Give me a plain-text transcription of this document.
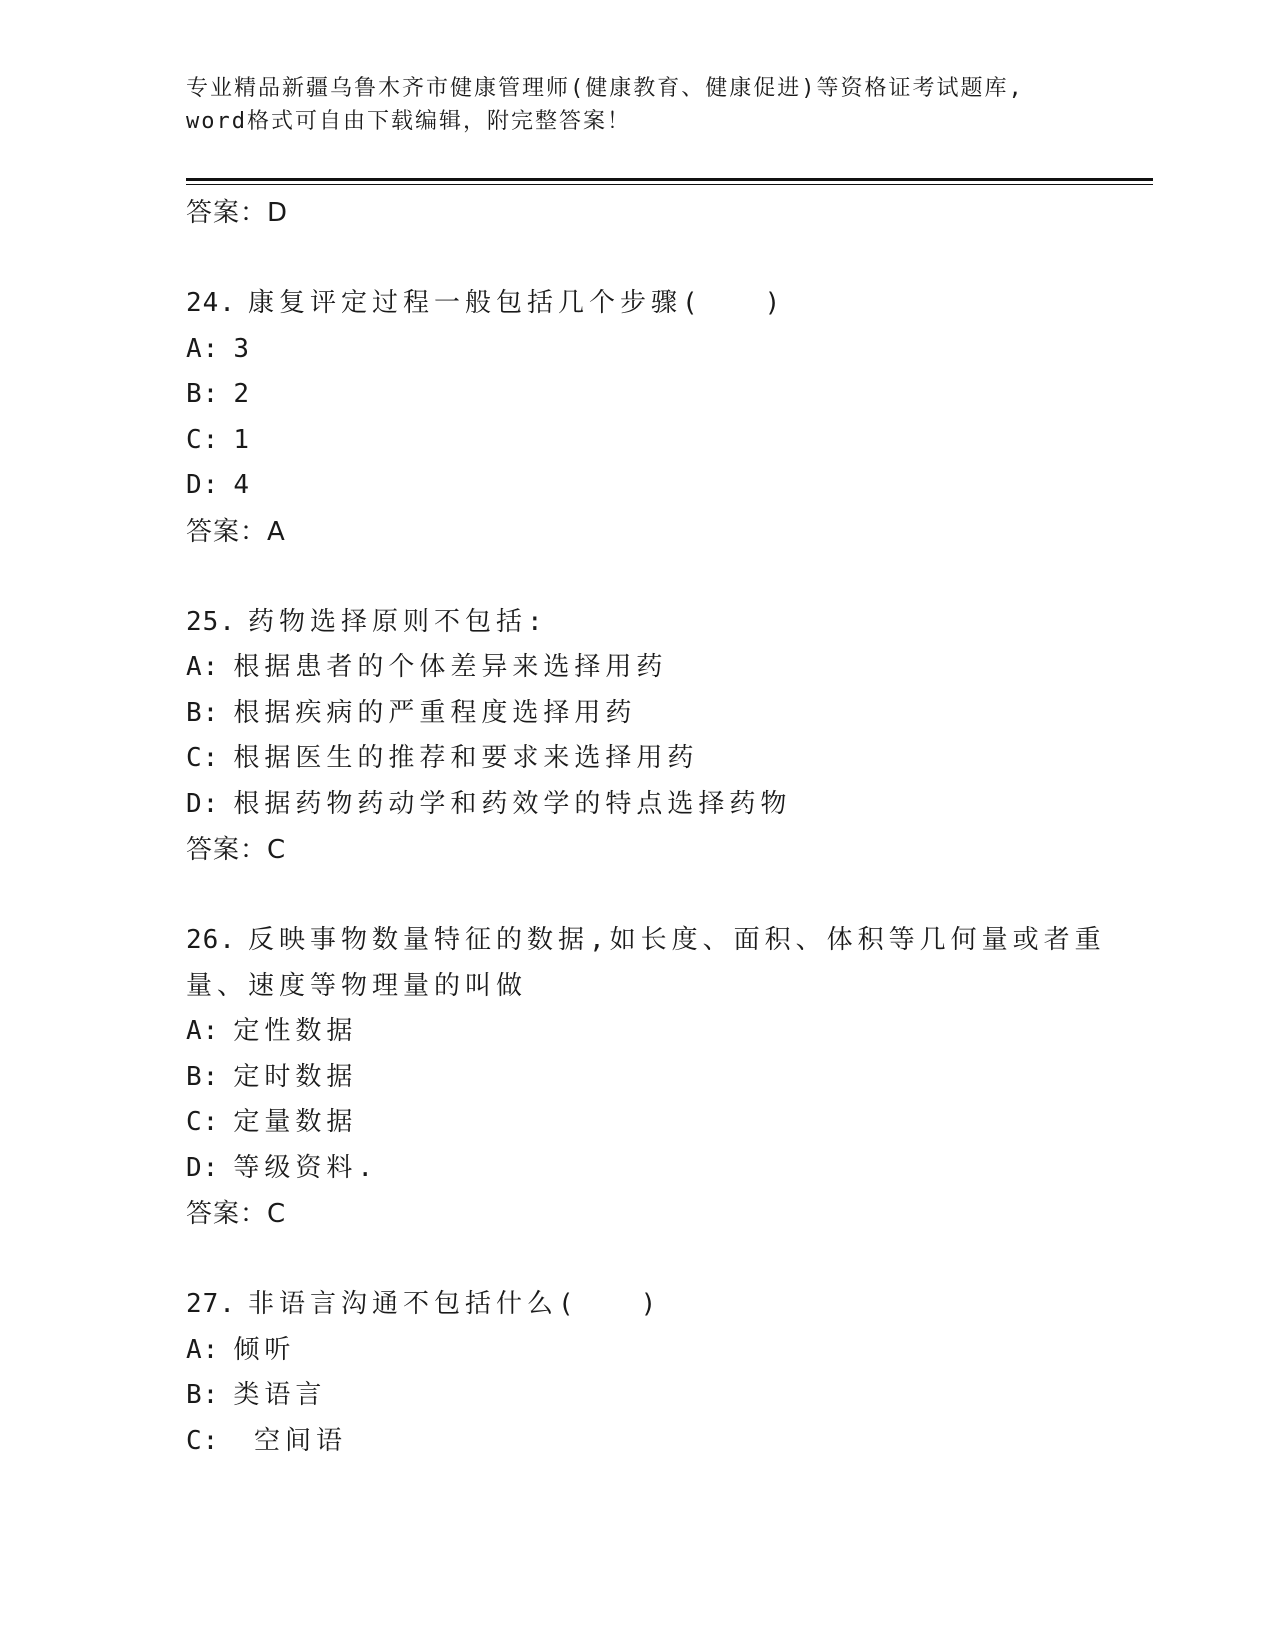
专业精品新疆乌鲁木齐市健康管理师(健康教育、健康促进)等资格证考试题库,
word格式可自由下载编辑，附完整答案！
答案：D
24. 康复评定过程一般包括几个步骤(　　)
A: 3
B: 2
C: 1
D: 4
答案：A
25. 药物选择原则不包括:
A: 根据患者的个体差异来选择用药
B: 根据疾病的严重程度选择用药
C: 根据医生的推荐和要求来选择用药
D: 根据药物药动学和药效学的特点选择药物
答案：C
26. 反映事物数量特征的数据,如长度、面积、体积等几何量或者重量、速度等物理量的叫做
A: 定性数据
B: 定时数据
C: 定量数据
D: 等级资料.
答案：C
27. 非语言沟通不包括什么(　　)
A: 倾听
B: 类语言
C: 空间语
